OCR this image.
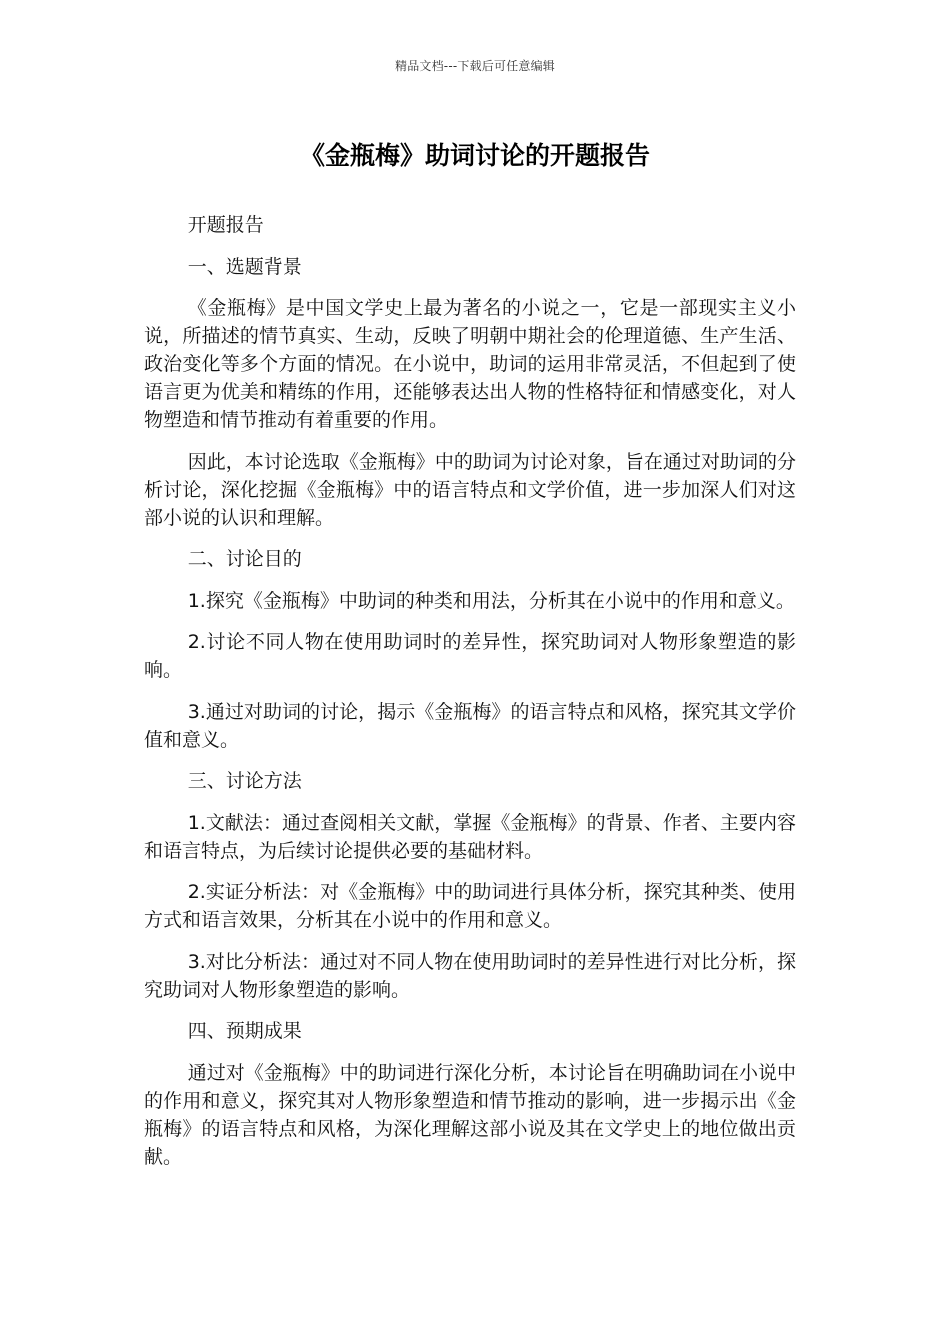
精品文档---下载后可任意编辑
《金瓶梅》助词讨论的开题报告

开题报告

一、选题背景

《金瓶梅》是中国文学史上最为著名的小说之一，它是一部现实主义小说，所描述的情节真实、生动，反映了明朝中期社会的伦理道德、生产生活、政治变化等多个方面的情况。在小说中，助词的运用非常灵活，不但起到了使语言更为优美和精练的作用，还能够表达出人物的性格特征和情感变化，对人物塑造和情节推动有着重要的作用。

因此，本讨论选取《金瓶梅》中的助词为讨论对象，旨在通过对助词的分析讨论，深化挖掘《金瓶梅》中的语言特点和文学价值，进一步加深人们对这部小说的认识和理解。

二、讨论目的

1.探究《金瓶梅》中助词的种类和用法，分析其在小说中的作用和意义。

2.讨论不同人物在使用助词时的差异性，探究助词对人物形象塑造的影响。

3.通过对助词的讨论，揭示《金瓶梅》的语言特点和风格，探究其文学价值和意义。

三、讨论方法

1.文献法：通过查阅相关文献，掌握《金瓶梅》的背景、作者、主要内容和语言特点，为后续讨论提供必要的基础材料。

2.实证分析法：对《金瓶梅》中的助词进行具体分析，探究其种类、使用方式和语言效果，分析其在小说中的作用和意义。

3.对比分析法：通过对不同人物在使用助词时的差异性进行对比分析，探究助词对人物形象塑造的影响。

四、预期成果

通过对《金瓶梅》中的助词进行深化分析，本讨论旨在明确助词在小说中的作用和意义，探究其对人物形象塑造和情节推动的影响，进一步揭示出《金瓶梅》的语言特点和风格，为深化理解这部小说及其在文学史上的地位做出贡献。
